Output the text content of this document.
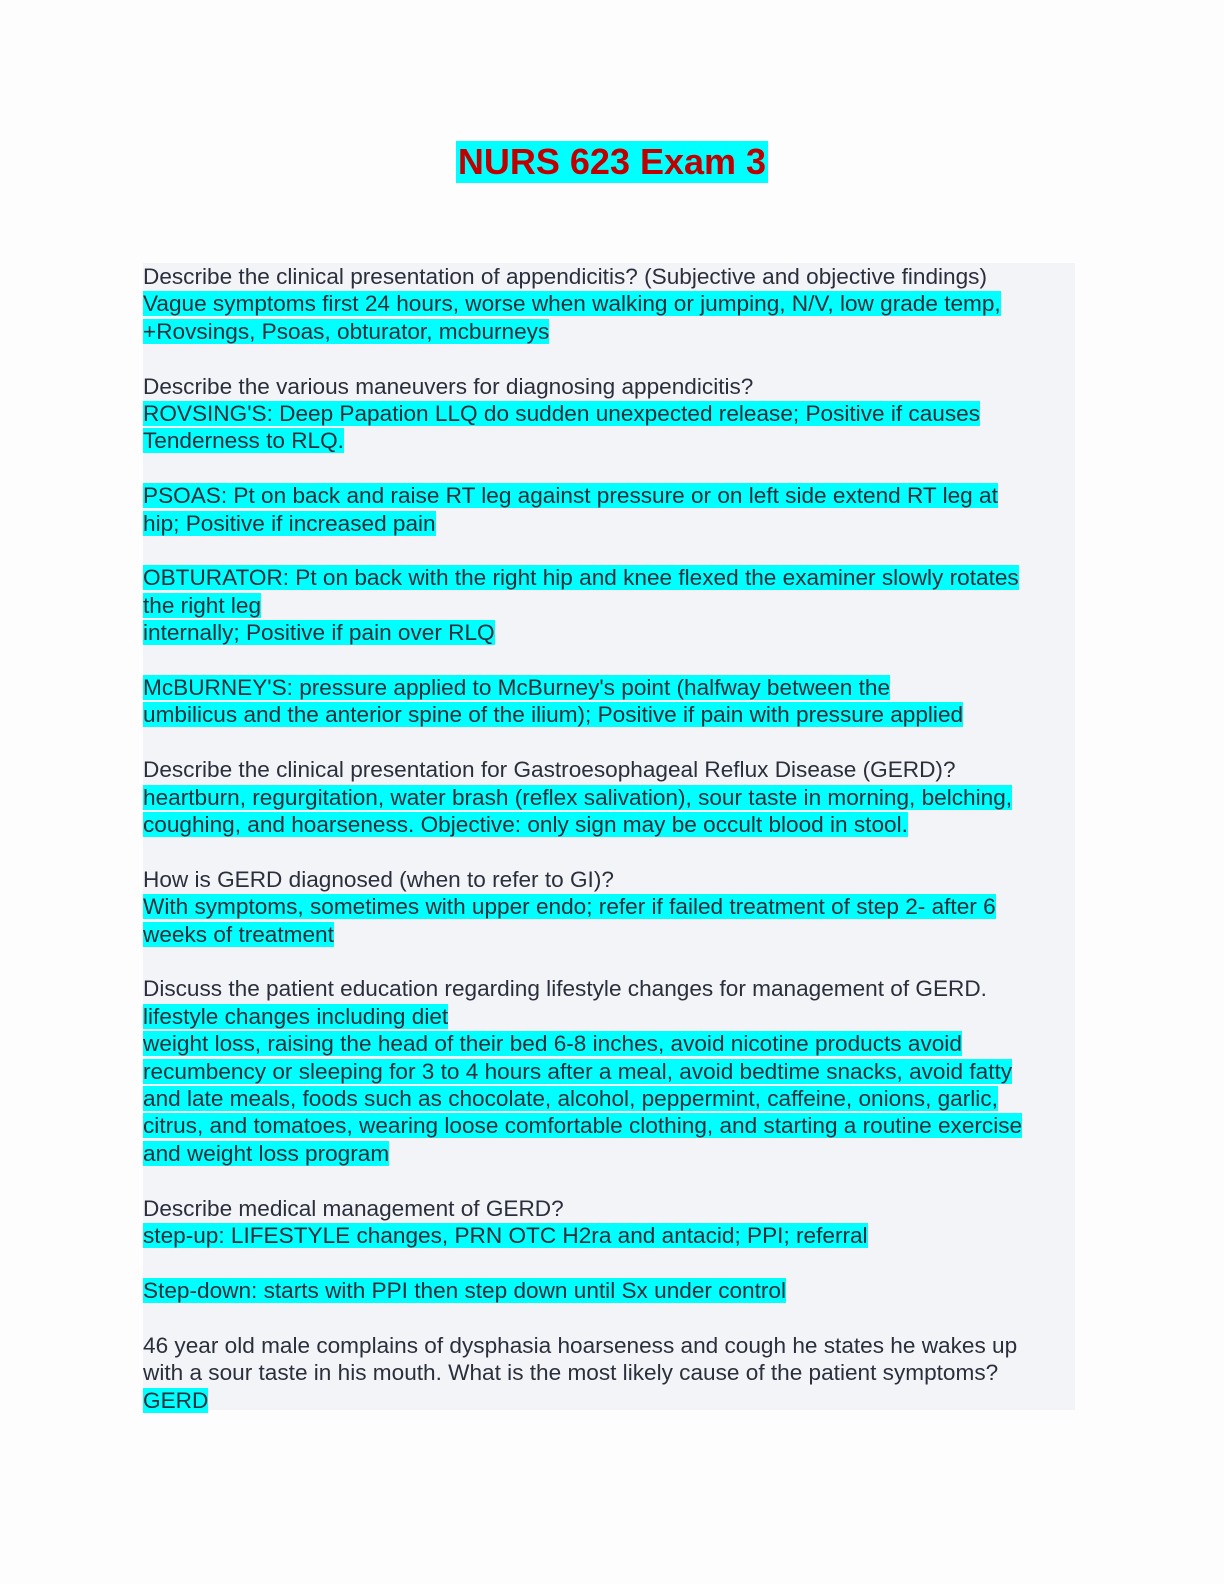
NURS 623 Exam 3
Describe the clinical presentation of appendicitis? (Subjective and objective findings)
Vague symptoms first 24 hours, worse when walking or jumping, N/V, low grade temp,
+Rovsings, Psoas, obturator, mcburneys
Describe the various maneuvers for diagnosing appendicitis?
ROVSING'S: Deep Papation LLQ do sudden unexpected release; Positive if causes
Tenderness to RLQ.
PSOAS: Pt on back and raise RT leg against pressure or on left side extend RT leg at
hip; Positive if increased pain
OBTURATOR: Pt on back with the right hip and knee flexed the examiner slowly rotates
the right leg
internally; Positive if pain over RLQ
McBURNEY'S: pressure applied to McBurney's point (halfway between the
umbilicus and the anterior spine of the ilium); Positive if pain with pressure applied
Describe the clinical presentation for Gastroesophageal Reflux Disease (GERD)?
heartburn, regurgitation, water brash (reflex salivation), sour taste in morning, belching,
coughing, and hoarseness. Objective: only sign may be occult blood in stool.
How is GERD diagnosed (when to refer to GI)?
With symptoms, sometimes with upper endo; refer if failed treatment of step 2- after 6
weeks of treatment
Discuss the patient education regarding lifestyle changes for management of GERD.
lifestyle changes including diet
weight loss, raising the head of their bed 6-8 inches, avoid nicotine products avoid
recumbency or sleeping for 3 to 4 hours after a meal, avoid bedtime snacks, avoid fatty
and late meals, foods such as chocolate, alcohol, peppermint, caffeine, onions, garlic,
citrus, and tomatoes, wearing loose comfortable clothing, and starting a routine exercise
and weight loss program
Describe medical management of GERD?
step-up: LIFESTYLE changes, PRN OTC H2ra and antacid; PPI; referral
Step-down: starts with PPI then step down until Sx under control
46 year old male complains of dysphasia hoarseness and cough he states he wakes up
with a sour taste in his mouth. What is the most likely cause of the patient symptoms?
GERD
